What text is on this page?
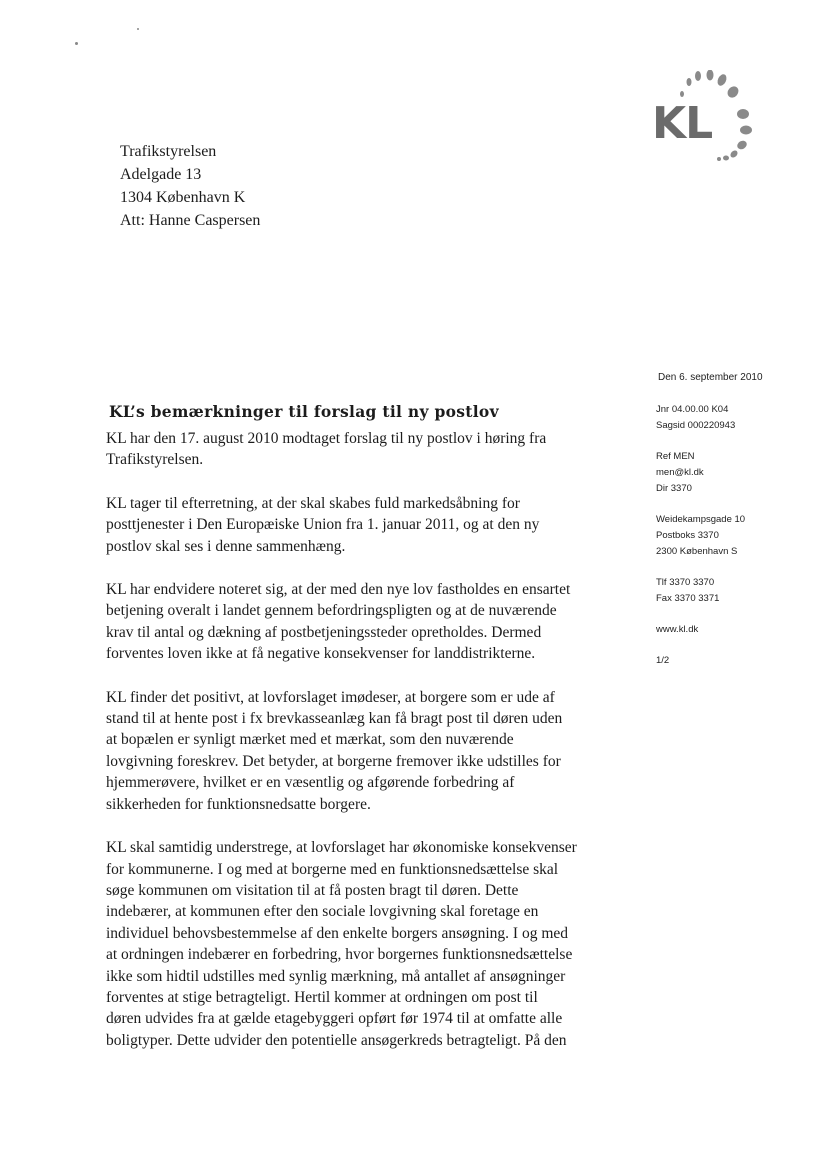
KL
Trafikstyrelsen
Adelgade 13
1304 København K
Att: Hanne Caspersen
Den 6. september 2010
Jnr 04.00.00 K04
Sagsid 000220943
Ref MEN
men@kl.dk
Dir 3370
Weidekampsgade 10
Postboks 3370
2300 København S
Tlf 3370 3370
Fax 3370 3371
www.kl.dk
1/2
KL’s bemærkninger til forslag til ny postlov
KL har den 17. august 2010 modtaget forslag til ny postlov i høring fra
Trafikstyrelsen.
KL tager til efterretning, at der skal skabes fuld markedsåbning for
posttjenester i Den Europæiske Union fra 1. januar 2011, og at den ny
postlov skal ses i denne sammenhæng.
KL har endvidere noteret sig, at der med den nye lov fastholdes en ensartet
betjening overalt i landet gennem befordringspligten og at de nuværende
krav til antal og dækning af postbetjeningssteder opretholdes. Dermed
forventes loven ikke at få negative konsekvenser for landdistrikterne.
KL finder det positivt, at lovforslaget imødeser, at borgere som er ude af
stand til at hente post i fx brevkasseanlæg kan få bragt post til døren uden
at bopælen er synligt mærket med et mærkat, som den nuværende
lovgivning foreskrev. Det betyder, at borgerne fremover ikke udstilles for
hjemmerøvere, hvilket er en væsentlig og afgørende forbedring af
sikkerheden for funktionsnedsatte borgere.
KL skal samtidig understrege, at lovforslaget har økonomiske konsekvenser
for kommunerne. I og med at borgerne med en funktionsnedsættelse skal
søge kommunen om visitation til at få posten bragt til døren. Dette
indebærer, at kommunen efter den sociale lovgivning skal foretage en
individuel behovsbestemmelse af den enkelte borgers ansøgning. I og med
at ordningen indebærer en forbedring, hvor borgernes funktionsnedsættelse
ikke som hidtil udstilles med synlig mærkning, må antallet af ansøgninger
forventes at stige betragteligt. Hertil kommer at ordningen om post til
døren udvides fra at gælde etagebyggeri opført før 1974 til at omfatte alle
boligtyper. Dette udvider den potentielle ansøgerkreds betragteligt. På den
